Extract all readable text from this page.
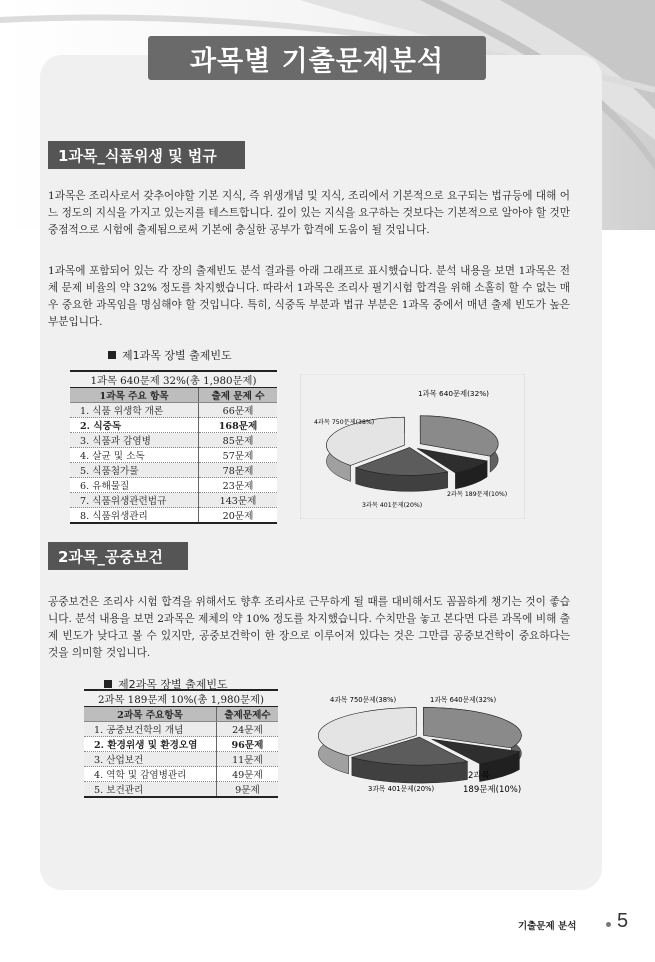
과목별 기출문제분석
1과목_식품위생 및 법규
1과목은 조리사로서 갖추어야할 기본 지식, 즉 위생개념 및 지식, 조리에서 기본적으로 요구되는 법규등에 대해 어느 정도의 지식을 가지고 있는지를 테스트합니다. 깊이 있는 지식을 요구하는 것보다는 기본적으로 알아야 할 것만 중점적으로 시험에 출제됨으로써 기본에 충실한 공부가 합격에 도움이 될 것입니다.
1과목에 포함되어 있는 각 장의 출제빈도 분석 결과를 아래 그래프로 표시했습니다. 분석 내용을 보면 1과목은 전체 문제 비율의 약 32% 정도를 차지했습니다. 따라서 1과목은 조리사 필기시험 합격을 위해 소홀히 할 수 없는 매우 중요한 과목임을 명심해야 할 것입니다. 특히, 식중독 부분과 법규 부분은 1과목 중에서 매년 출제 빈도가 높은 부분입니다.
제1과목 장별 출제빈도
1과목 640문제 32%(총 1,980문제)	
1과목 주요 항목	출제 문제 수
1. 식품 위생학 개론	66문제
2. 식중독	168문제
3. 식품과 감염병	85문제
4. 살균 및 소독	57문제
5. 식품첨가물	78문제
6. 유해물질	23문제
7. 식품위생관련법규	143문제
8. 식품위생관리	20문제
1과목 640문제(32%)
2과목 189문제(10%)
3과목 401문제(20%)
4과목 750문제(38%)
2과목_공중보건
공중보건은 조리사 시험 합격을 위해서도 향후 조리사로 근무하게 될 때를 대비해서도 꼼꼼하게 챙기는 것이 좋습니다. 분석 내용을 보면 2과목은 제체의 약 10% 정도를 차지했습니다. 수치만을 놓고 본다면 다른 과목에 비해 출제 빈도가 낮다고 볼 수 있지만, 공중보건학이 한 장으로 이루어져 있다는 것은 그만큼 공중보건학이 중요하다는 것을 의미할 것입니다.
제2과목 장별 출제빈도
2과목 189문제 10%(총 1,980문제)	
2과목 주요항목	출제문제수
1. 공중보건학의 개념	24문제
2. 환경위생 및 환경오염	96문제
3. 산업보건	11문제
4. 역학 및 감염병관리	49문제
5. 보건관리	9문제
4과목 750문제(38%)	1과목 640문제(32%)
3과목 401문제(20%)
2과목
189문제(10%)
기출문제 분석 5
